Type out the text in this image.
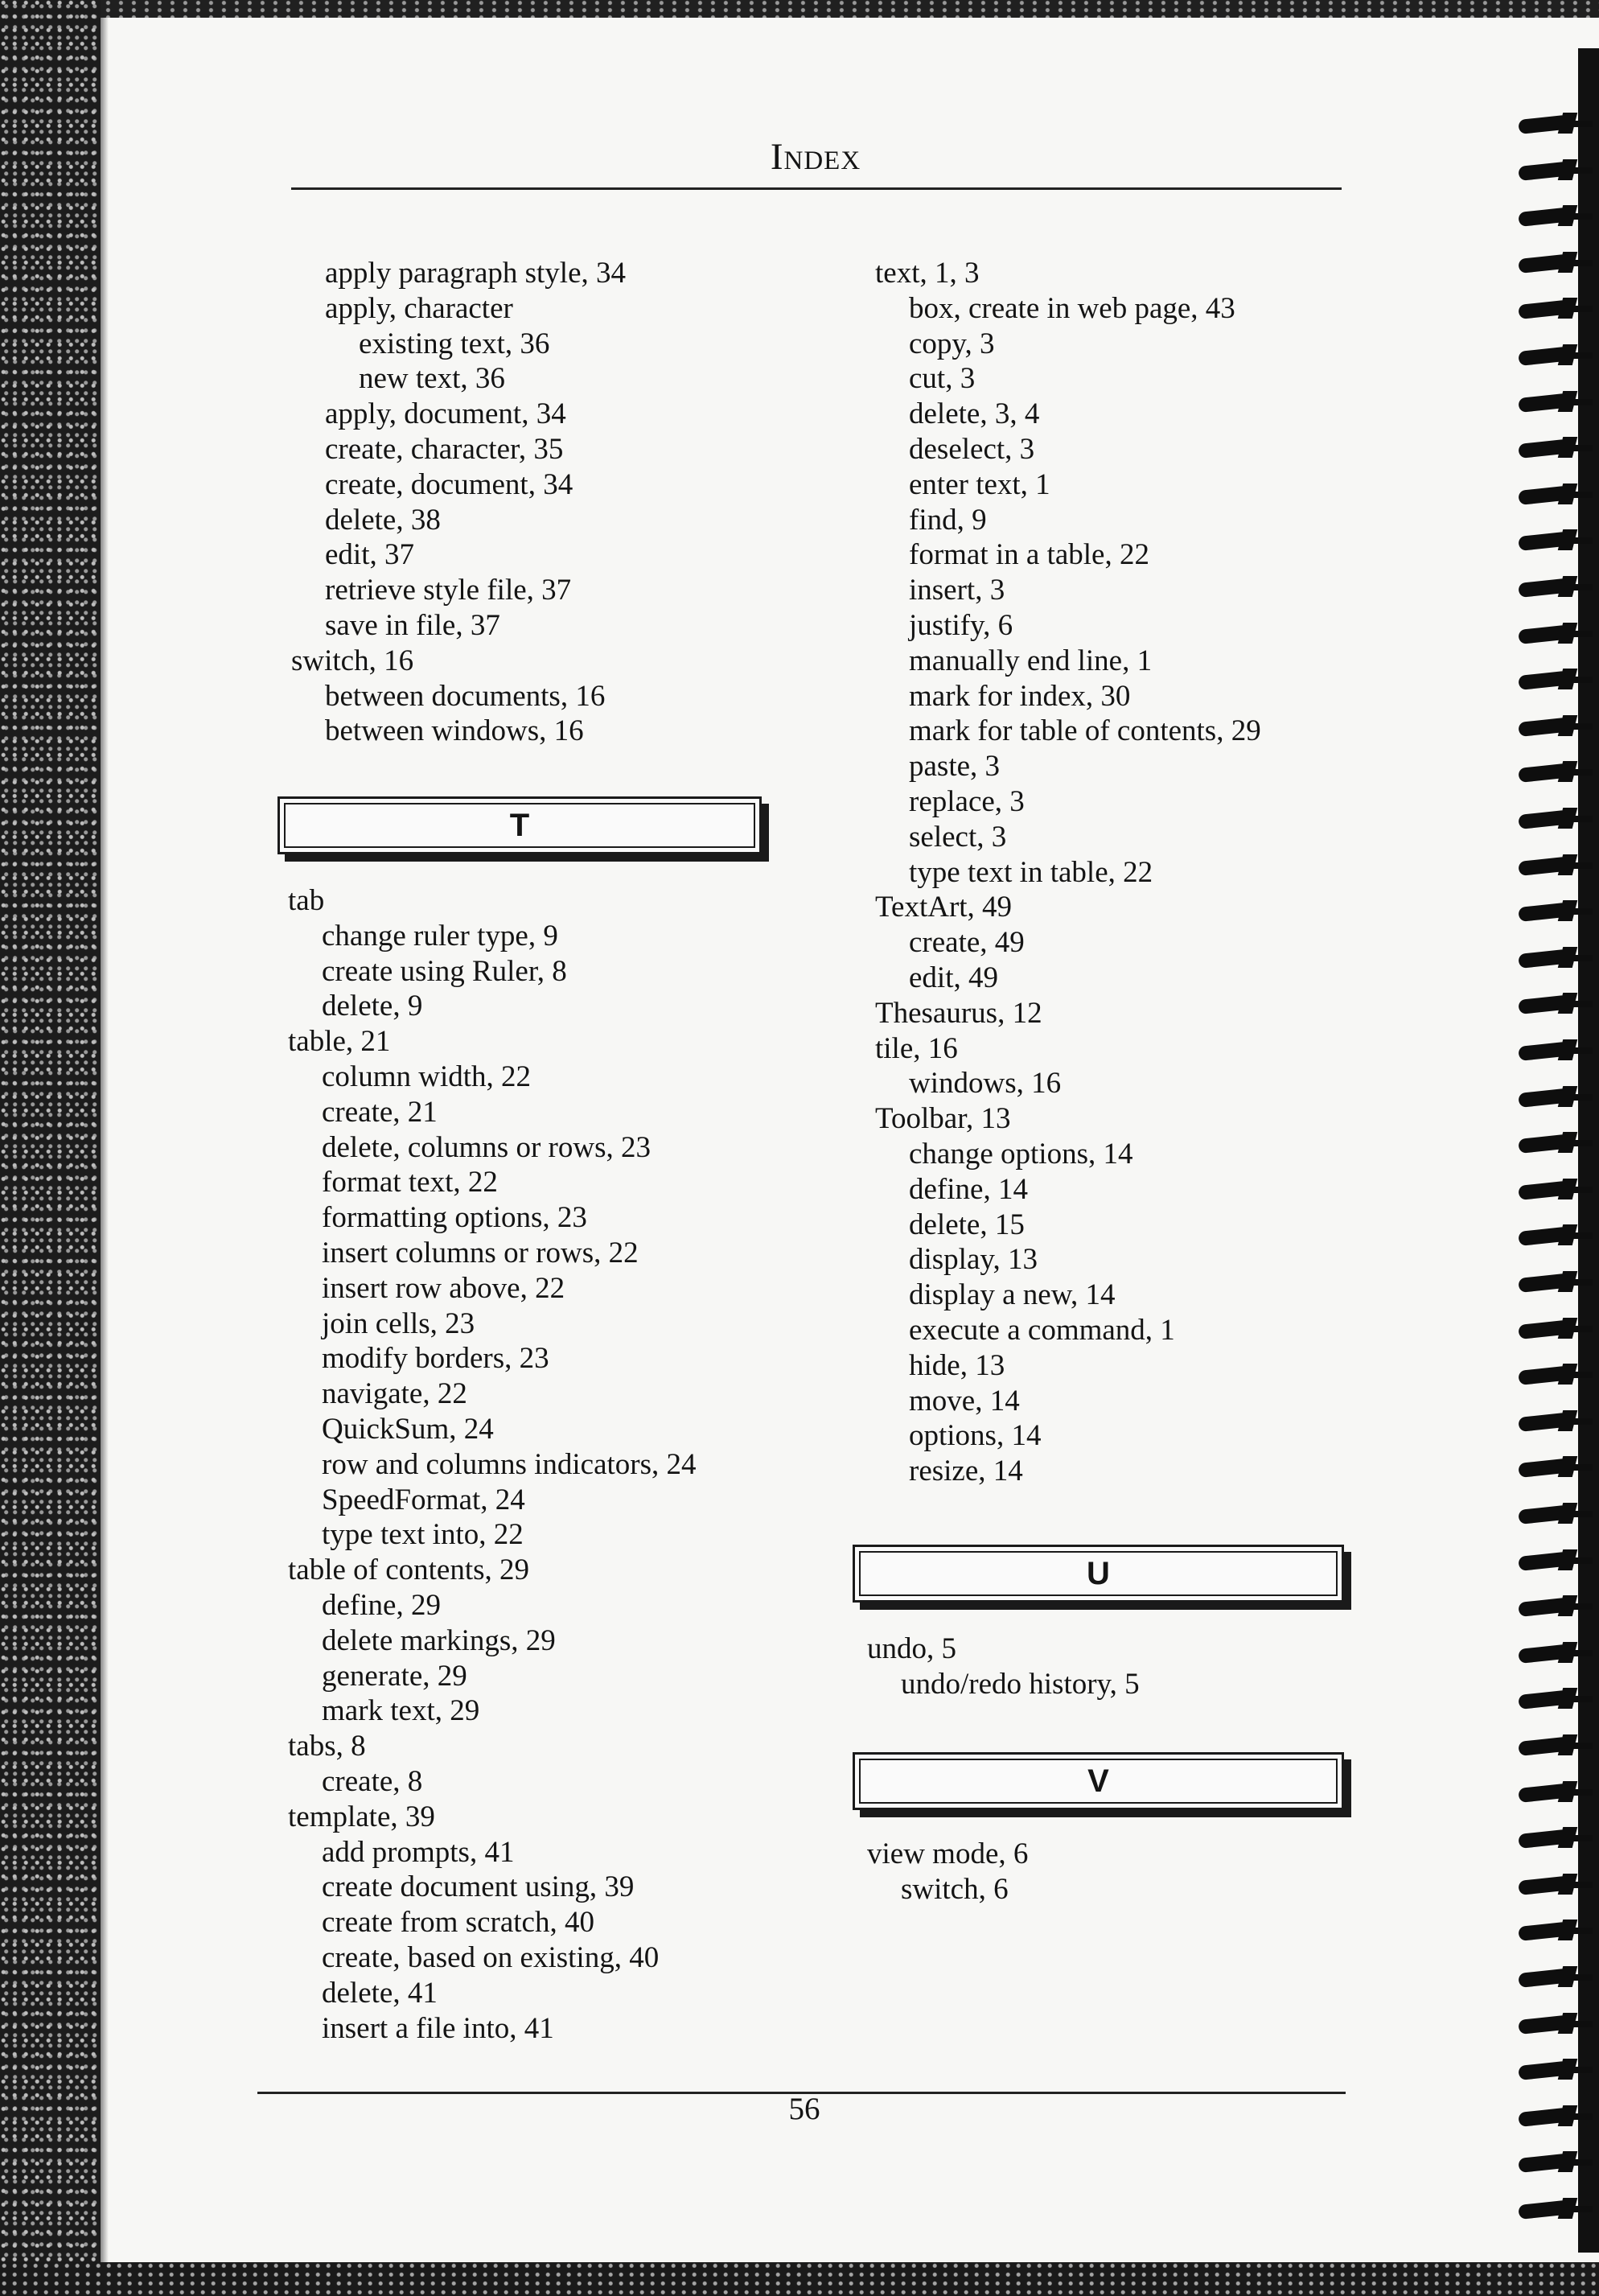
Index
apply paragraph style, 34
apply, character
existing text, 36
new text, 36
apply, document, 34
create, character, 35
create, document, 34
delete, 38
edit, 37
retrieve style file, 37
save in file, 37
switch, 16
between documents, 16
between windows, 16
T
tab
change ruler type, 9
create using Ruler, 8
delete, 9
table, 21
column width, 22
create, 21
delete, columns or rows, 23
format text, 22
formatting options, 23
insert columns or rows, 22
insert row above, 22
join cells, 23
modify borders, 23
navigate, 22
QuickSum, 24
row and columns indicators, 24
SpeedFormat, 24
type text into, 22
table of contents, 29
define, 29
delete markings, 29
generate, 29
mark text, 29
tabs, 8
create, 8
template, 39
add prompts, 41
create document using, 39
create from scratch, 40
create, based on existing, 40
delete, 41
insert a file into, 41
text, 1, 3
box, create in web page, 43
copy, 3
cut, 3
delete, 3, 4
deselect, 3
enter text, 1
find, 9
format in a table, 22
insert, 3
justify, 6
manually end line, 1
mark for index, 30
mark for table of contents, 29
paste, 3
replace, 3
select, 3
type text in table, 22
TextArt, 49
create, 49
edit, 49
Thesaurus, 12
tile, 16
windows, 16
Toolbar, 13
change options, 14
define, 14
delete, 15
display, 13
display a new, 14
execute a command, 1
hide, 13
move, 14
options, 14
resize, 14
U
undo, 5
undo/redo history, 5
V
view mode, 6
switch, 6
56
